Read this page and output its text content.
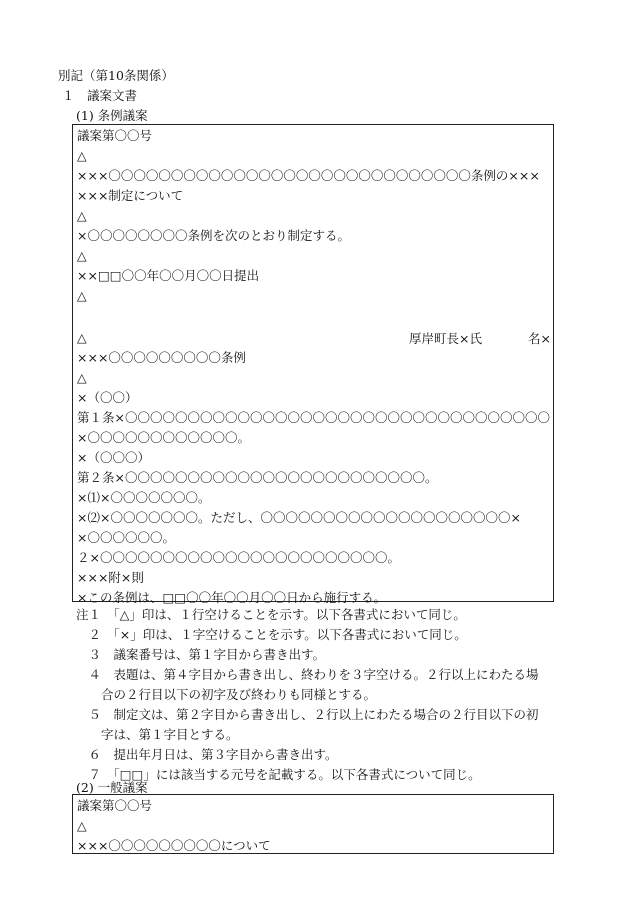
別記（第10条関係）
１　議案文書
(1) 条例議案
議案第〇〇号
△
×××〇〇〇〇〇〇〇〇〇〇〇〇〇〇〇〇〇〇〇〇〇〇〇〇〇〇〇〇〇条例の×××
×××制定について
△
×〇〇〇〇〇〇〇〇条例を次のとおり制定する。
△
××□□〇〇年〇〇月〇〇日提出
△

厚岸町長×氏	名×

△
×××〇〇〇〇〇〇〇〇〇条例
△
×（〇〇）
第１条×〇〇〇〇〇〇〇〇〇〇〇〇〇〇〇〇〇〇〇〇〇〇〇〇〇〇〇〇〇〇〇〇〇〇
×〇〇〇〇〇〇〇〇〇〇〇〇。
×（〇〇〇）
第２条×〇〇〇〇〇〇〇〇〇〇〇〇〇〇〇〇〇〇〇〇〇〇〇〇。
×⑴×〇〇〇〇〇〇〇。
×⑵×〇〇〇〇〇〇〇。ただし、〇〇〇〇〇〇〇〇〇〇〇〇〇〇〇〇〇〇〇〇×
×〇〇〇〇〇〇。
２×〇〇〇〇〇〇〇〇〇〇〇〇〇〇〇〇〇〇〇〇〇〇〇。
×××附×則
×この条例は、□□〇〇年〇〇月〇〇日から施行する。
注１　「△」印は、１行空けることを示す。以下各書式において同じ。
　２　「×」印は、１字空けることを示す。以下各書式において同じ。
　３　議案番号は、第１字目から書き出す。
　４　表題は、第４字目から書き出し、終わりを３字空ける。２行以上にわたる場
　　合の２行目以下の初字及び終わりも同様とする。
　５　制定文は、第２字目から書き出し、２行以上にわたる場合の２行目以下の初
　　字は、第１字目とする。
　６　提出年月日は、第３字目から書き出す。
　７　「□□」には該当する元号を記載する。以下各書式について同じ。
(2) 一般議案
議案第〇〇号
△
×××〇〇〇〇〇〇〇〇〇について
